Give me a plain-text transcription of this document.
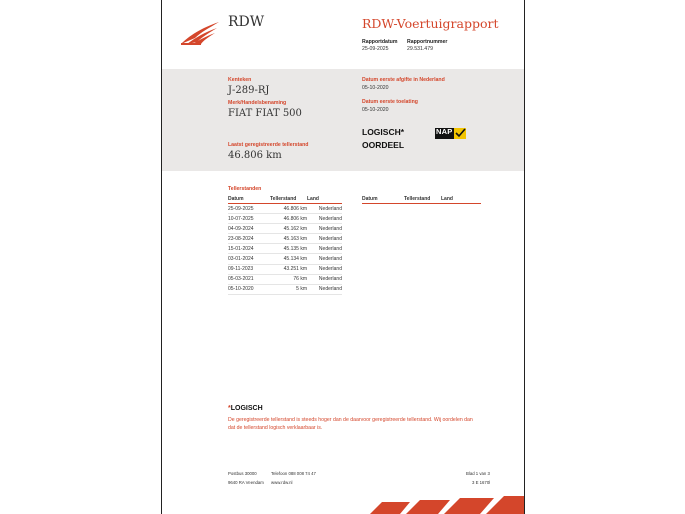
RDW	RDW-Voertuigrapport
Rapportdatum
25-09-2025
Rapportnummer
29.531.479
Kenteken
J-289-RJ
Merk/Handelsbenaming
FIAT FIAT 500
Datum eerste afgifte in Nederland
05-10-2020
Datum eerste toelating
05-10-2020
LOGISCH*
OORDEEL
NAP
Laatst geregistreerde tellerstand
46.806 km
Tellerstanden
Datum	Tellerstand	Land
25-09-2025	46.806 km	Nederland
10-07-2025	46.806 km	Nederland
04-09-2024	45.162 km	Nederland
23-08-2024	45.163 km	Nederland
15-01-2024	45.135 km	Nederland
03-01-2024	45.134 km	Nederland
09-11-2023	43.251 km	Nederland
05-03-2021	76 km	Nederland
05-10-2020	5 km	Nederland
Datum	Tellerstand	Land
*LOGISCH
De geregistreerde tellerstand is steeds hoger dan de daarvoor geregistreerde tellerstand. Wij oordelen dan
dat de tellerstand logisch verklaarbaar is.
Postbus 30000
9640 RA Veendam
Telefoon 088 008 74 47
www.rdw.nl
Blad 1 van 3
3 E 1670l
